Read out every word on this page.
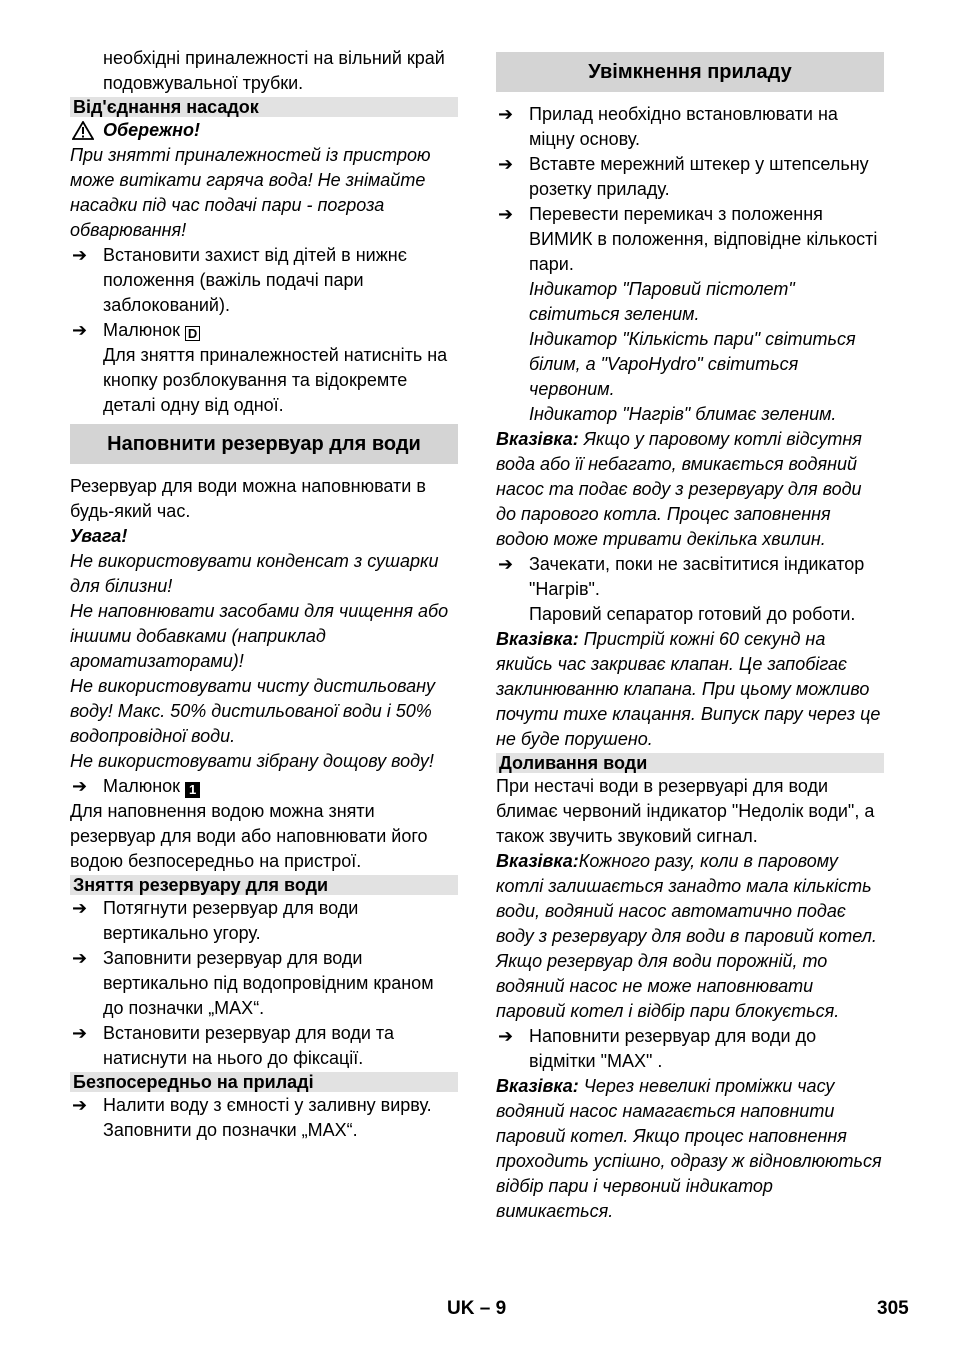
необхідні приналежності на вільний край
подовжувальної трубки.
Від'єднання насадок
Обережно!
При знятті приналежностей із пристрою
може витікати гаряча вода! Не знімайте
насадки під час подачі пари - погроза
обварювання!
➔ Встановити захист від дітей в нижнє
положення (важіль подачі пари
заблокований).
➔ Малюнок D
Для зняття приналежностей натисніть на
кнопку розблокування та відокремте
деталі одну від одної.
Наповнити резервуар для води
Резервуар для води можна наповнювати в
будь-який час.
Увага!
Не використовувати конденсат з сушарки
для білизни!
Не наповнювати засобами для чищення або
іншими добавками (наприклад
ароматизаторами)!
Не використовувати чисту дистильовану
воду! Макс. 50% дистильованої води і 50%
водопровідної води.
Не використовувати зібрану дощову воду!
➔ Малюнок 1
Для наповнення водою можна зняти
резервуар для води або наповнювати його
водою безпосередньо на пристрої.
Зняття резервуару для води
➔ Потягнути резервуар для води
вертикально угору.
➔ Заповнити резервуар для води
вертикально під водопровідним краном
до позначки „MAX“.
➔ Встановити резервуар для води та
натиснути на нього до фіксації.
Безпосередньо на приладі
➔ Налити воду з ємності у заливну вирву.
Заповнити до позначки „MAX“.
Увімкнення приладу
➔ Прилад необхідно встановлювати на
міцну основу.
➔ Вставте мережний штекер у штепсельну
розетку приладу.
➔ Перевести перемикач з положення
ВИМИК в положення, відповідне кількості
пари.
Індикатор "Паровий пістолет"
світиться зеленим.
Індикатор "Кількість пари" світиться
білим, а "VapoHydro" світиться
червоним.
Індикатор "Нагрів" блимає зеленим.
Вказівка: Якщо у паровому котлі відсутня
вода або її небагато, вмикається водяний
насос та подає воду з резервуару для води
до парового котла. Процес заповнення
водою може тривати декілька хвилин.
➔ Зачекати, поки не засвітитися індикатор
"Нагрів".
Паровий сепаратор готовий до роботи.
Вказівка: Пристрій кожні 60 секунд на
якийсь час закриває клапан. Це запобігає
заклинюванню клапана. При цьому можливо
почути тихе клацання. Випуск пару через це
не буде порушено.
Доливання води
При нестачі води в резервуарі для води
блимає червоний індикатор "Недолік води", а
також звучить звуковий сигнал.
Вказівка:Кожного разу, коли в паровому
котлі залишається занадто мала кількість
води, водяний насос автоматично подає
воду з резервуару для води в паровий котел.
Якщо резервуар для води порожній, то
водяний насос не може наповнювати
паровий котел і відбір пари блокується.
➔ Наповнити резервуар для води до
відмітки "MAX" .
Вказівка: Через невеликі проміжки часу
водяний насос намагається наповнити
паровий котел. Якщо процес наповнення
проходить успішно, одразу ж відновлюються
відбір пари і червоний індикатор
вимикається.
UK – 9	305
